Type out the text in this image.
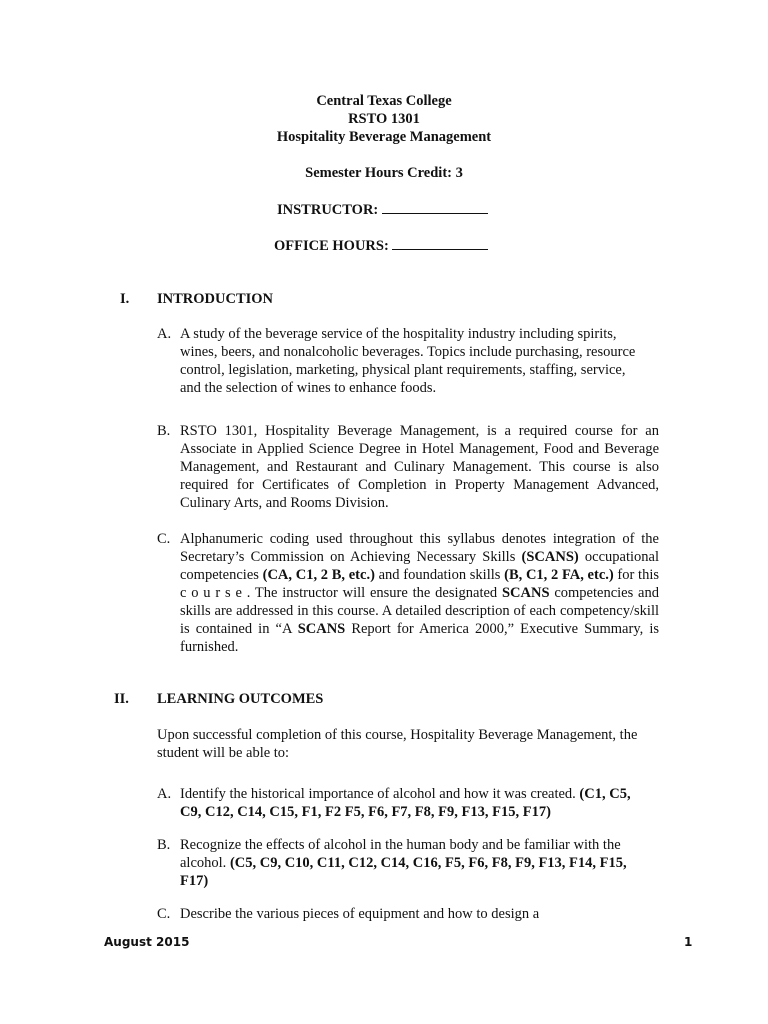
Central Texas College
RSTO 1301
Hospitality Beverage Management
Semester Hours Credit: 3
INSTRUCTOR:
OFFICE HOURS:
I. INTRODUCTION
A. A study of the beverage service of the hospitality industry including spirits, wines, beers, and nonalcoholic beverages. Topics include purchasing, resource control, legislation, marketing, physical plant requirements, staffing, service, and the selection of wines to enhance foods.
B. RSTO 1301, Hospitality Beverage Management, is a required course for an Associate in Applied Science Degree in Hotel Management, Food and Beverage Management, and Restaurant and Culinary Management. This course is also required for Certificates of Completion in Property Management Advanced, Culinary Arts, and Rooms Division.
C. Alphanumeric coding used throughout this syllabus denotes integration of the Secretary’s Commission on Achieving Necessary Skills (SCANS) occupational competencies (CA, C1, 2 B, etc.) and foundation skills (B, C1, 2 FA, etc.) for this c o u r s e . The instructor will ensure the designated SCANS competencies and skills are addressed in this course. A detailed description of each competency/skill is contained in “A SCANS Report for America 2000,” Executive Summary, is furnished.
II. LEARNING OUTCOMES
Upon successful completion of this course, Hospitality Beverage Management, the student will be able to:
A. Identify the historical importance of alcohol and how it was created. (C1, C5, C9, C12, C14, C15, F1, F2 F5, F6, F7, F8, F9, F13, F15, F17)
B. Recognize the effects of alcohol in the human body and be familiar with the alcohol. (C5, C9, C10, C11, C12, C14, C16, F5, F6, F8, F9, F13, F14, F15, F17)
C. Describe the various pieces of equipment and how to design a
August 2015	1
